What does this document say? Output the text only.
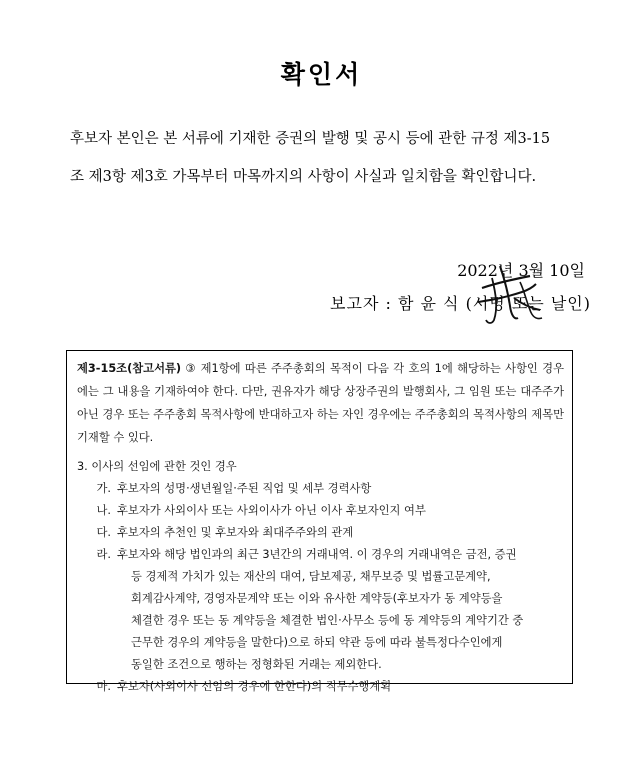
확인서
후보자 본인은 본 서류에 기재한 증권의 발행 및 공시 등에 관한 규정 제3-15
조 제3항 제3호 가목부터 마목까지의 사항이 사실과 일치함을 확인합니다.
2022년 3월 10일
보고자 : 함 윤 식 (서명 또는 날인)
제3-15조(참고서류) ③ 제1항에 따른 주주총회의 목적이 다음 각 호의 1에 해당하는 사항인 경우에는 그 내용을 기재하여야 한다. 다만, 권유자가 해당 상장주권의 발행회사, 그 임원 또는 대주주가 아닌 경우 또는 주주총회 목적사항에 반대하고자 하는 자인 경우에는 주주총회의 목적사항의 제목만 기재할 수 있다.
3. 이사의 선임에 관한 것인 경우
가. 후보자의 성명·생년월일·주된 직업 및 세부 경력사항
나. 후보자가 사외이사 또는 사외이사가 아닌 이사 후보자인지 여부
다. 후보자의 추천인 및 후보자와 최대주주와의 관계
라. 후보자와 해당 법인과의 최근 3년간의 거래내역. 이 경우의 거래내역은 금전, 증권
등 경제적 가치가 있는 재산의 대여, 담보제공, 채무보증 및 법률고문계약,
회계감사계약, 경영자문계약 또는 이와 유사한 계약등(후보자가 동 계약등을
체결한 경우 또는 동 계약등을 체결한 법인·사무소 등에 동 계약등의 계약기간 중
근무한 경우의 계약등을 말한다)으로 하되 약관 등에 따라 불특정다수인에게
동일한 조건으로 행하는 정형화된 거래는 제외한다.
마. 후보자(사외이사 선임의 경우에 한한다)의 직무수행계획
